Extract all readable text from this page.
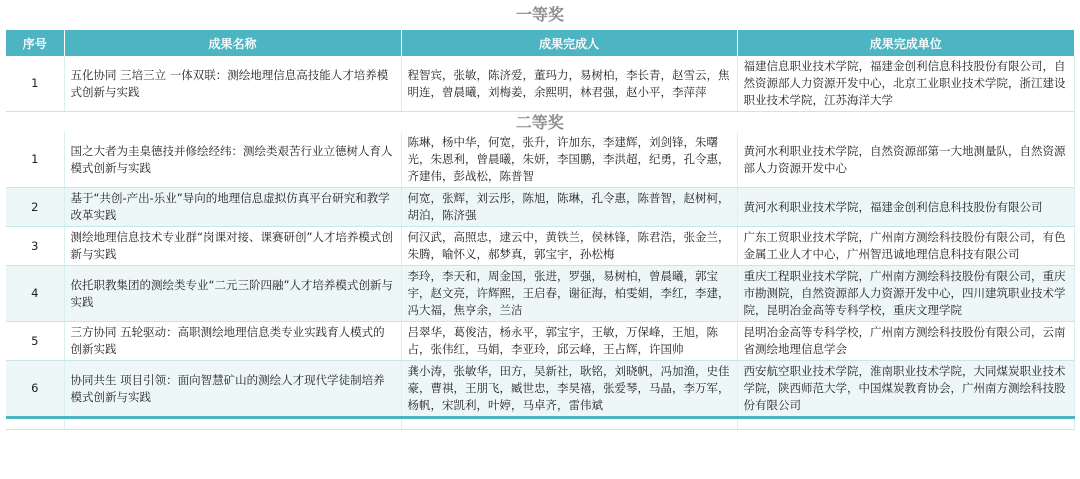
一等奖
序号	成果名称	成果完成人	成果完成单位
1	五化协同 三培三立 一体双联：测绘地理信息高技能人才培养模式创新与实践	程智宾，张敏，陈济爱，董玛力，易树柏，李长青，赵雪云，焦明连，曾晨曦，刘梅姜，余熙明，林君强，赵小平，李萍萍	福建信息职业技术学院，福建金创利信息科技股份有限公司，自然资源部人力资源开发中心，北京工业职业技术学院，浙江建设职业技术学院，江苏海洋大学
二等奖			
1	国之大者为圭臬德技并修绘经纬：测绘类艰苦行业立德树人育人模式创新与实践	陈琳，杨中华，何宽，张升，许加东，李建辉，刘剑锋，朱曙光，朱恩利，曾晨曦，朱妍，李国鹏，李洪超，纪勇，孔令惠，齐建伟，彭战松，陈普智	黄河水利职业技术学院，自然资源部第一大地测量队，自然资源部人力资源开发中心
2	基于“共创-产出-乐业”导向的地理信息虚拟仿真平台研究和教学改革实践	何宽，张辉，刘云彤，陈旭，陈琳，孔令惠，陈普智，赵树柯，胡泊，陈济强	黄河水利职业技术学院，福建金创利信息科技股份有限公司
3	测绘地理信息技术专业群“岗课对接、课赛研创”人才培养模式创新与实践	何汉武，高照忠，逮云中，黄铁兰，侯林锋，陈君浩，张金兰，朱腾，喻怀义，郝梦真，郭宝宇，孙松梅	广东工贸职业技术学院，广州南方测绘科技股份有限公司，有色金属工业人才中心，广州智迅诚地理信息科技有限公司
4	依托职教集团的测绘类专业“二元三阶四融”人才培养模式创新与实践	李玲，李天和，周金国，张进，罗强，易树柏，曾晨曦，郭宝宇，赵文亮，许辉熙，王启春，谢征海，柏雯娟，李红，李建，冯大福，焦亨余，兰洁	重庆工程职业技术学院，广州南方测绘科技股份有限公司，重庆市勘测院，自然资源部人力资源开发中心，四川建筑职业技术学院，昆明冶金高等专科学校，重庆文理学院
5	三方协同 五轮驱动：高职测绘地理信息类专业实践育人模式的创新实践	吕翠华，葛俊洁，杨永平，郭宝宇，王敏，万保峰，王旭，陈占，张伟红，马娟，李亚玲，邱云峰，王占辉，许国帅	昆明冶金高等专科学校，广州南方测绘科技股份有限公司，云南省测绘地理信息学会
6	协同共生 项目引领：面向智慧矿山的测绘人才现代学徒制培养模式创新与实践	龚小涛，张敏华，田方，吴新社，耿铭，刘晓帆，冯加渔，史佳豪，曹祺，王朋飞，臧世忠，李昊禧，张爱琴，马晶，李万军，杨帆，宋凯利，叶婷，马卓齐，雷伟斌	西安航空职业技术学院，淮南职业技术学院，大同煤炭职业技术学院，陕西师范大学，中国煤炭教育协会，广州南方测绘科技股份有限公司
